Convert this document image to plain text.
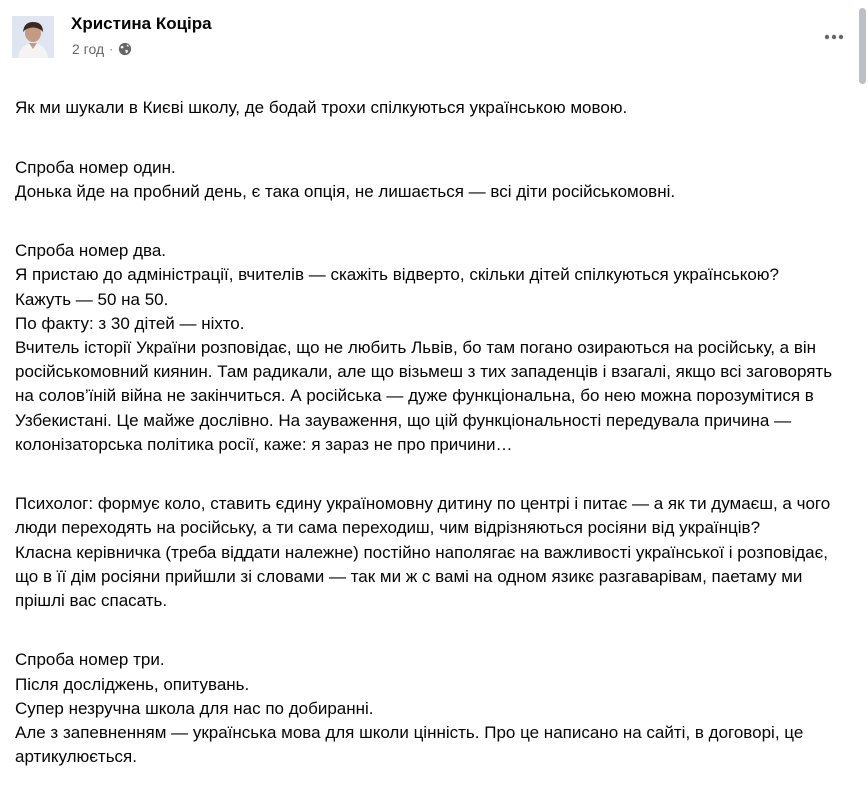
Христина Коціра
2 год ·

Як ми шукали в Києві школу, де бодай трохи спілкуються українською мовою.

Спроба номер один.
Донька йде на пробний день, є така опція, не лишається — всі діти російськомовні.

Спроба номер два.
Я пристаю до адміністрації, вчителів — скажіть відверто, скільки дітей спілкуються українською?
Кажуть — 50 на 50.
По факту: з 30 дітей — ніхто.
Вчитель історії України розповідає, що не любить Львів, бо там погано озираються на російську, а він російськомовний киянин. Там радикали, але що візьмеш з тих западенців і взагалі, якщо всі заговорять на солов’їній війна не закінчиться. А російська — дуже функціональна, бо нею можна порозумітися в Узбекистані. Це майже дослівно. На зауваження, що цій функціональності передувала причина — колонізаторська політика росії, каже: я зараз не про причини…

Психолог: формує коло, ставить єдину україномовну дитину по центрі і питає — а як ти думаєш, а чого люди переходять на російську, а ти сама переходиш, чим відрізняються росіяни від українців?
Класна керівничка (треба віддати належне) постійно наполягає на важливості української і розповідає, що в її дім росіяни прийшли зі словами — так ми ж с вамі на одном язикє разгаварівам, паетаму ми прішлі вас спасать.

Спроба номер три.
Після досліджень, опитувань.
Супер незручна школа для нас по добиранні.
Але з запевненням — українська мова для школи цінність. Про це написано на сайті, в договорі, це артикулюється.
